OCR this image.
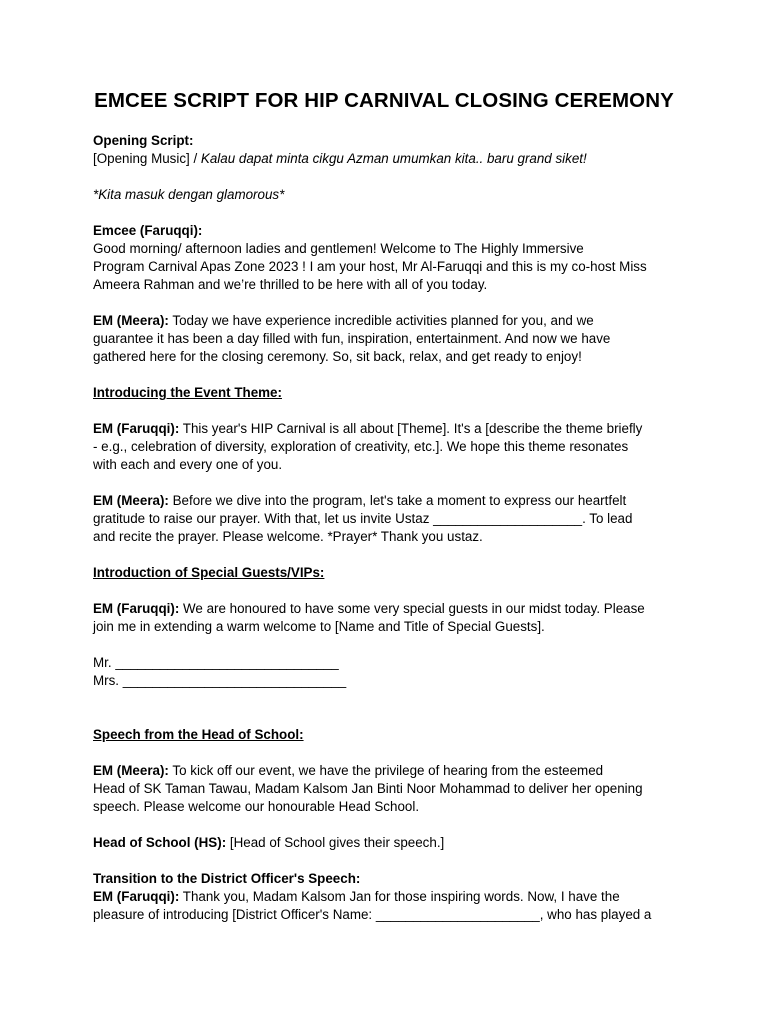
EMCEE SCRIPT FOR HIP CARNIVAL CLOSING CEREMONY

Opening Script:

[Opening Music] / Kalau dapat minta cikgu Azman umumkan kita.. baru grand siket!

*Kita masuk dengan glamorous*

Emcee (Faruqqi):

Good morning/ afternoon ladies and gentlemen! Welcome to The Highly Immersive

Program Carnival Apas Zone 2023 ! I am your host, Mr Al-Faruqqi and this is my co-host Miss

Ameera Rahman and we’re thrilled to be here with all of you today.

EM (Meera): Today we have experience incredible activities planned for you, and we

guarantee it has been a day filled with fun, inspiration, entertainment. And now we have

gathered here for the closing ceremony. So, sit back, relax, and get ready to enjoy!

Introducing the Event Theme:

EM (Faruqqi): This year's HIP Carnival is all about [Theme]. It's a [describe the theme briefly

- e.g., celebration of diversity, exploration of creativity, etc.]. We hope this theme resonates

with each and every one of you.

EM (Meera): Before we dive into the program, let's take a moment to express our heartfelt

gratitude to raise our prayer. With that, let us invite Ustaz ____________________. To lead

and recite the prayer. Please welcome. *Prayer* Thank you ustaz.

Introduction of Special Guests/VIPs:

EM (Faruqqi): We are honoured to have some very special guests in our midst today. Please

join me in extending a warm welcome to [Name and Title of Special Guests].

Mr. ______________________________

Mrs. ______________________________

Speech from the Head of School:

EM (Meera): To kick off our event, we have the privilege of hearing from the esteemed

Head of SK Taman Tawau, Madam Kalsom Jan Binti Noor Mohammad to deliver her opening

speech. Please welcome our honourable Head School.

Head of School (HS): [Head of School gives their speech.]

Transition to the District Officer's Speech:

EM (Faruqqi): Thank you, Madam Kalsom Jan for those inspiring words. Now, I have the

pleasure of introducing [District Officer's Name: ______________________, who has played a
